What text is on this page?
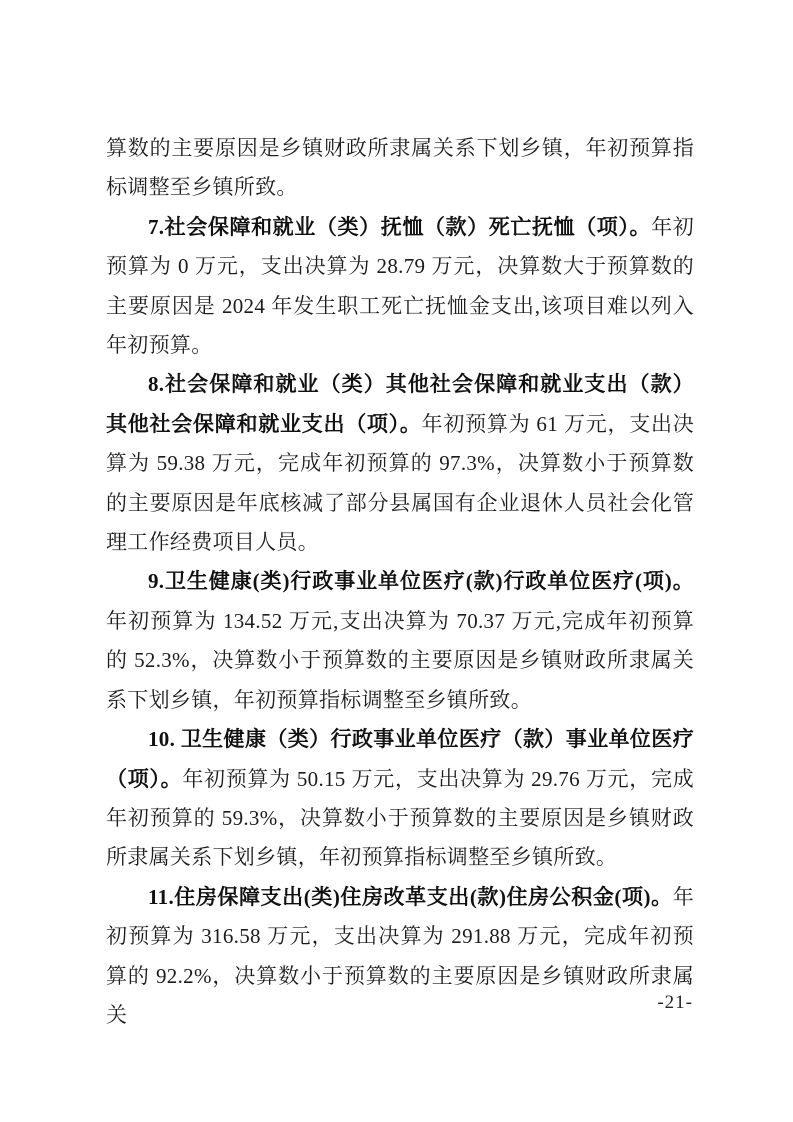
算数的主要原因是乡镇财政所隶属关系下划乡镇，年初预算指标调整至乡镇所致。

7.社会保障和就业（类）抚恤（款）死亡抚恤（项）。年初预算为 0 万元，支出决算为 28.79 万元，决算数大于预算数的主要原因是 2024 年发生职工死亡抚恤金支出,该项目难以列入年初预算。

8.社会保障和就业（类）其他社会保障和就业支出（款）其他社会保障和就业支出（项）。年初预算为 61 万元，支出决算为 59.38 万元，完成年初预算的 97.3%，决算数小于预算数的主要原因是年底核减了部分县属国有企业退休人员社会化管理工作经费项目人员。

9.卫生健康(类)行政事业单位医疗(款)行政单位医疗(项)。年初预算为 134.52 万元,支出决算为 70.37 万元,完成年初预算的 52.3%，决算数小于预算数的主要原因是乡镇财政所隶属关系下划乡镇，年初预算指标调整至乡镇所致。

10. 卫生健康（类）行政事业单位医疗（款）事业单位医疗（项）。年初预算为 50.15 万元，支出决算为 29.76 万元，完成年初预算的 59.3%，决算数小于预算数的主要原因是乡镇财政所隶属关系下划乡镇，年初预算指标调整至乡镇所致。

11.住房保障支出(类)住房改革支出(款)住房公积金(项)。年初预算为 316.58 万元，支出决算为 291.88 万元，完成年初预算的 92.2%，决算数小于预算数的主要原因是乡镇财政所隶属关

-21-
